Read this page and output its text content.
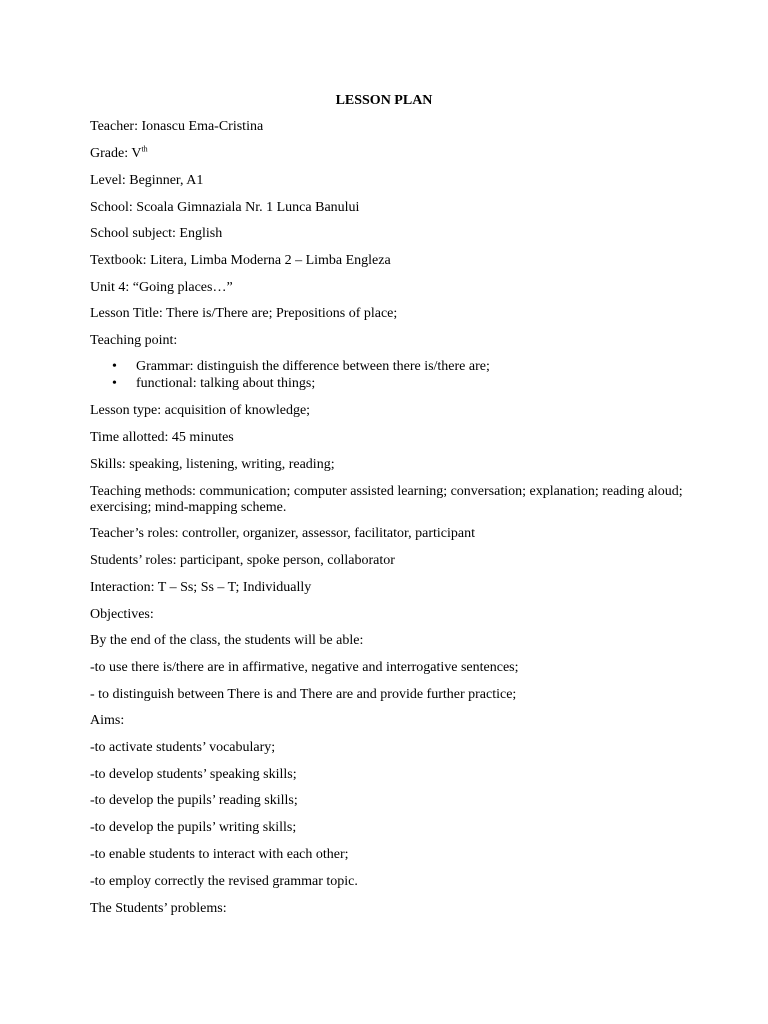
LESSON PLAN
Teacher: Ionascu Ema-Cristina
Grade: Vth
Level: Beginner, A1
School: Scoala Gimnaziala Nr. 1 Lunca Banului
School subject: English
Textbook: Litera, Limba Moderna 2 – Limba Engleza
Unit 4: “Going places…”
Lesson Title: There is/There are; Prepositions of place;
Teaching point:
• Grammar: distinguish the difference between there is/there are;
• functional: talking about things;
Lesson type: acquisition of knowledge;
Time allotted: 45 minutes
Skills: speaking, listening, writing, reading;
Teaching methods: communication; computer assisted learning; conversation; explanation; reading aloud;
exercising; mind-mapping scheme.
Teacher’s roles: controller, organizer, assessor, facilitator, participant
Students’ roles: participant, spoke person, collaborator
Interaction: T – Ss; Ss – T; Individually
Objectives:
By the end of the class, the students will be able:
-to use there is/there are in affirmative, negative and interrogative sentences;
- to distinguish between There is and There are and provide further practice;
Aims:
-to activate students’ vocabulary;
-to develop students’ speaking skills;
-to develop the pupils’ reading skills;
-to develop the pupils’ writing skills;
-to enable students to interact with each other;
-to employ correctly the revised grammar topic.
The Students’ problems:
